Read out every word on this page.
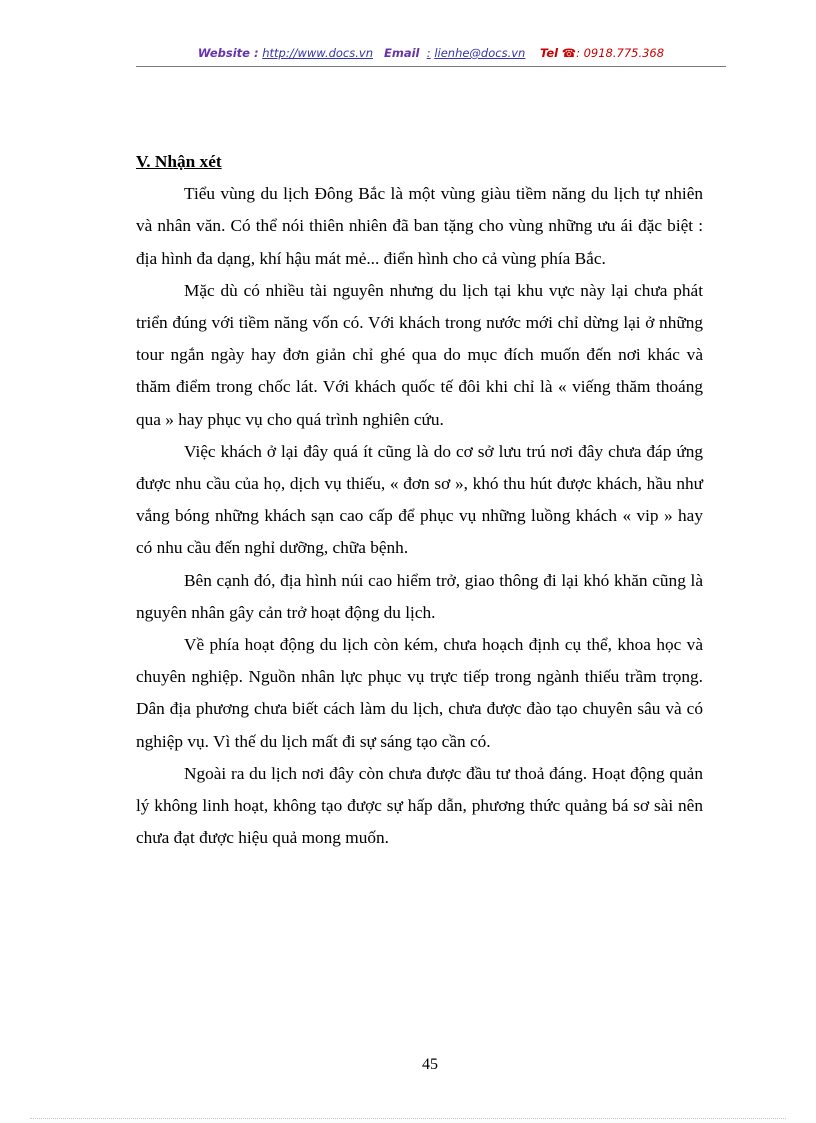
Website : http://www.docs.vn Email : lienhe@docs.vn Tel ☎: 0918.775.368

V. Nhận xét

Tiểu vùng du lịch Đông Bắc là một vùng giàu tiềm năng du lịch tự nhiên và nhân văn. Có thể nói thiên nhiên đã ban tặng cho vùng những ưu ái đặc biệt : địa hình đa dạng, khí hậu mát mẻ... điển hình cho cả vùng phía Bắc.

Mặc dù có nhiều tài nguyên nhưng du lịch tại khu vực này lại chưa phát triển đúng với tiềm năng vốn có. Với khách trong nước mới chỉ dừng lại ở những tour ngắn ngày hay đơn giản chỉ ghé qua do mục đích muốn đến nơi khác và thăm điểm trong chốc lát. Với khách quốc tế đôi khi chỉ là « viếng thăm thoáng qua » hay phục vụ cho quá trình nghiên cứu.

Việc khách ở lại đây quá ít cũng là do cơ sở lưu trú nơi đây chưa đáp ứng được nhu cầu của họ, dịch vụ thiếu, « đơn sơ », khó thu hút được khách, hầu như vắng bóng những khách sạn cao cấp để phục vụ những luồng khách « vip » hay có nhu cầu đến nghỉ dưỡng, chữa bệnh.

Bên cạnh đó, địa hình núi cao hiểm trở, giao thông đi lại khó khăn cũng là nguyên nhân gây cản trở hoạt động du lịch.

Về phía hoạt động du lịch còn kém, chưa hoạch định cụ thể, khoa học và chuyên nghiệp. Nguồn nhân lực phục vụ trực tiếp trong ngành thiếu trầm trọng. Dân địa phương chưa biết cách làm du lịch, chưa được đào tạo chuyên sâu và có nghiệp vụ. Vì thế du lịch mất đi sự sáng tạo cần có.

Ngoài ra du lịch nơi đây còn chưa được đầu tư thoả đáng. Hoạt động quản lý không linh hoạt, không tạo được sự hấp dẫn, phương thức quảng bá sơ sài nên chưa đạt được hiệu quả mong muốn.

45
